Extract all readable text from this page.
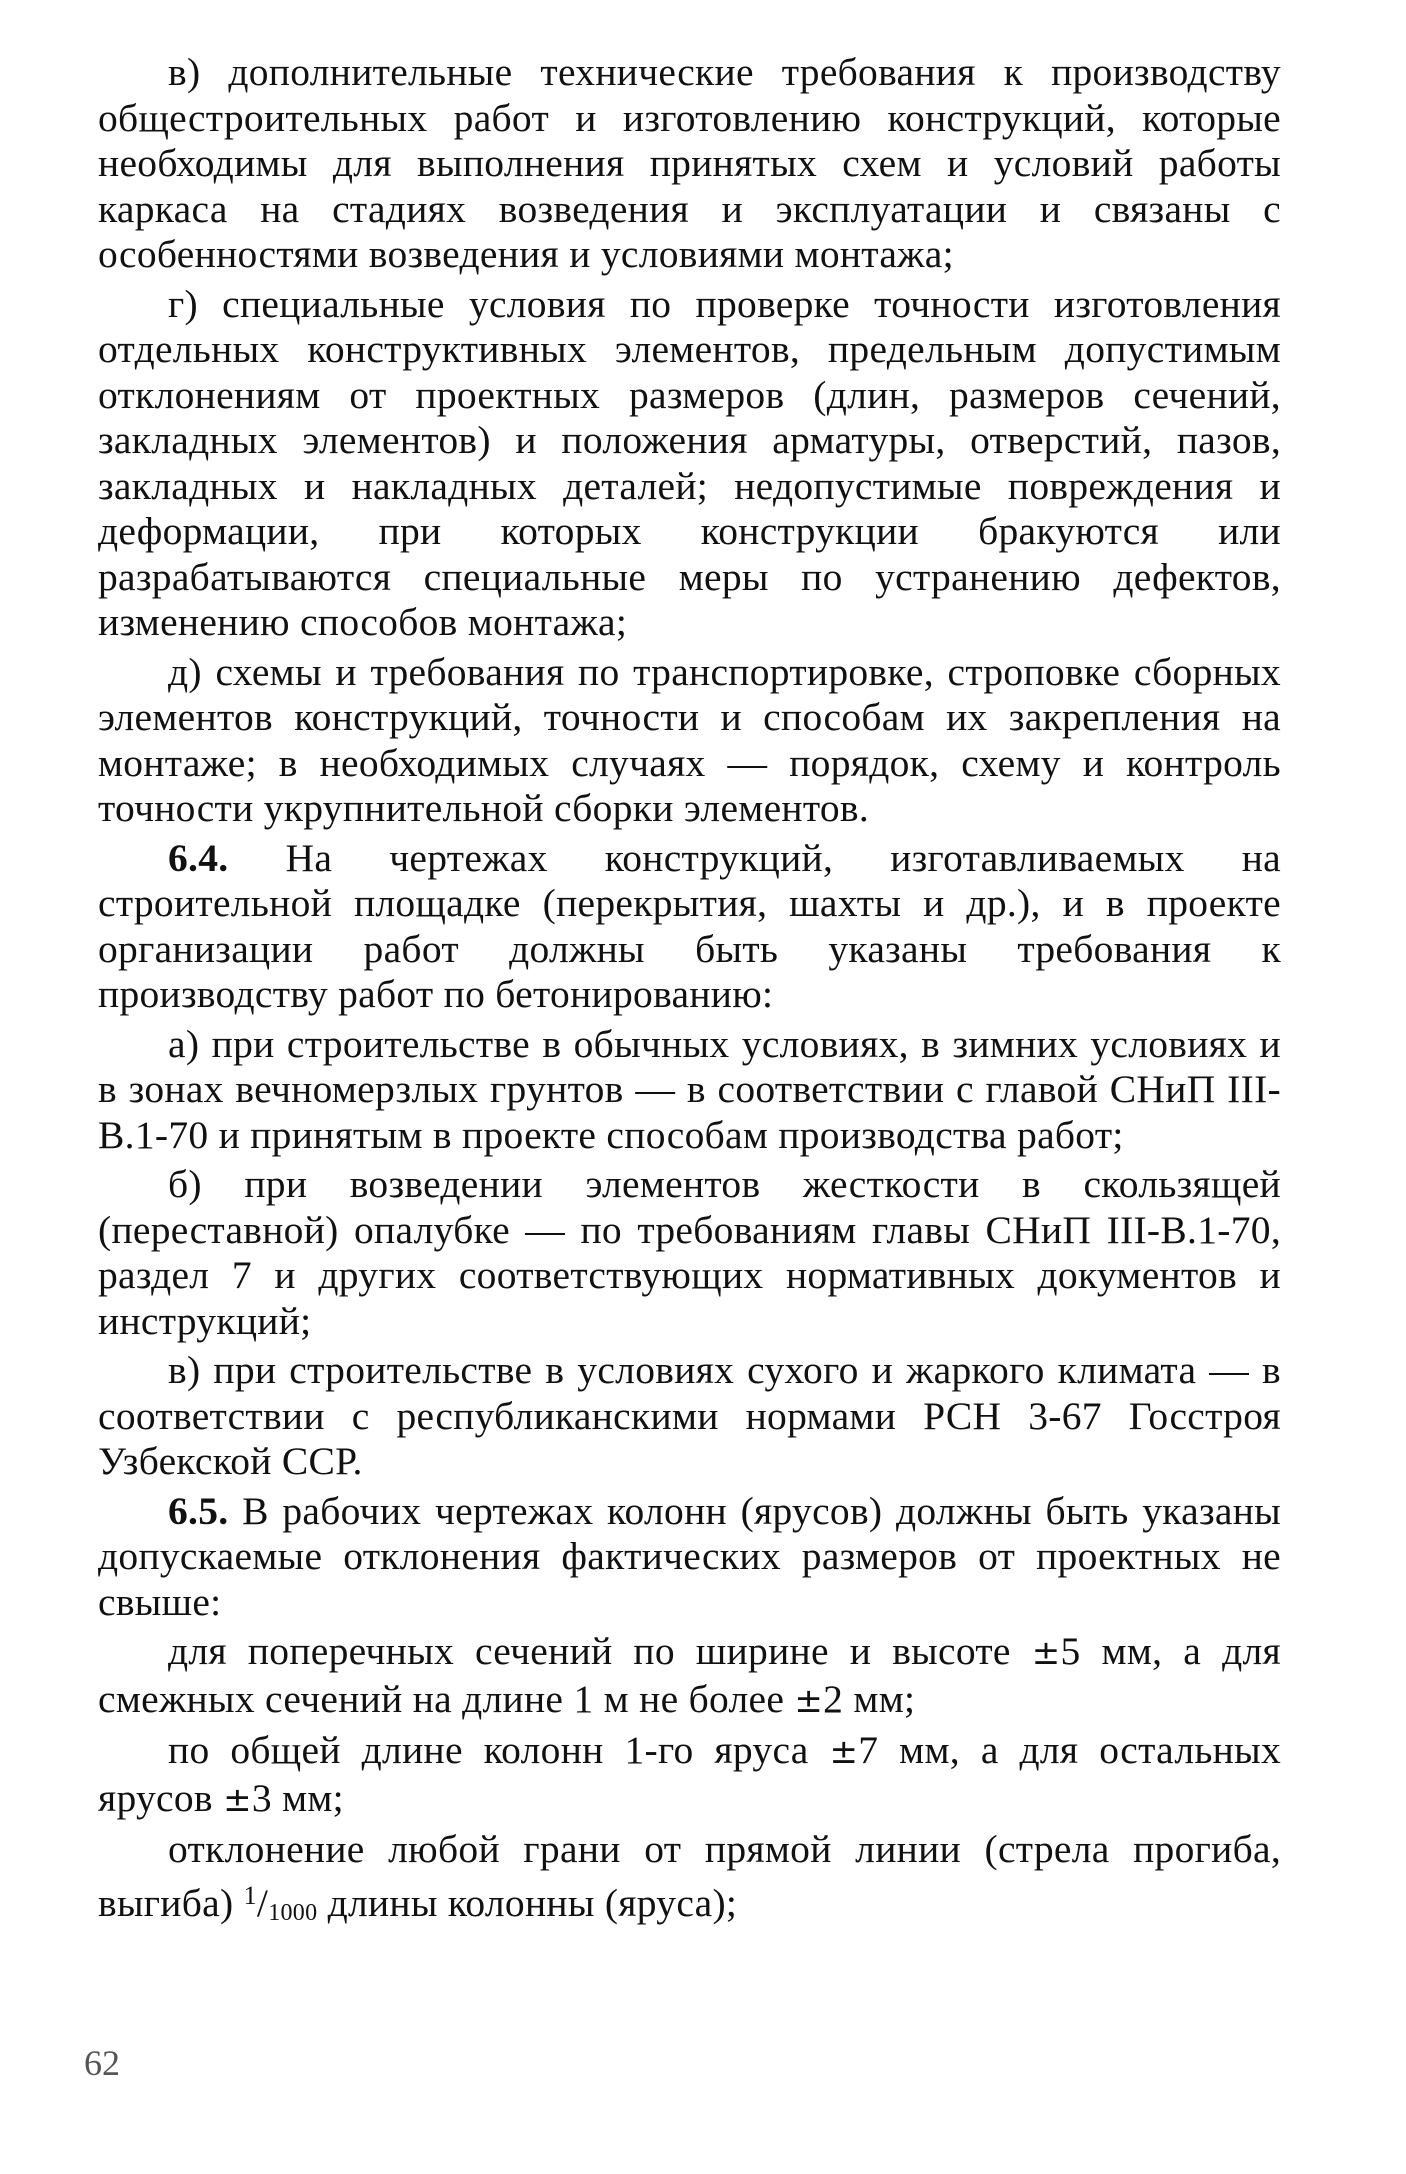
в) дополнительные технические требования к производству общестроительных работ и изготовлению конструкций, которые необходимы для выполнения принятых схем и условий работы каркаса на стадиях возведения и эксплуатации и связаны с особенностями возведения и условиями монтажа;

г) специальные условия по проверке точности изготовления отдельных конструктивных элементов, предельным допустимым отклонениям от проектных размеров (длин, размеров сечений, закладных элементов) и положения арматуры, отверстий, пазов, закладных и накладных деталей; недопустимые повреждения и деформации, при которых конструкции бракуются или разрабатываются специальные меры по устранению дефектов, изменению способов монтажа;

д) схемы и требования по транспортировке, строповке сборных элементов конструкций, точности и способам их закрепления на монтаже; в необходимых случаях — порядок, схему и контроль точности укрупнительной сборки элементов.

6.4. На чертежах конструкций, изготавливаемых на строительной площадке (перекрытия, шахты и др.), и в проекте организации работ должны быть указаны требования к производству работ по бетонированию:

а) при строительстве в обычных условиях, в зимних условиях и в зонах вечномерзлых грунтов — в соответствии с главой СНиП III-В.1-70 и принятым в проекте способам производства работ;

б) при возведении элементов жесткости в скользящей (переставной) опалубке — по требованиям главы СНиП III-В.1-70, раздел 7 и других соответствующих нормативных документов и инструкций;

в) при строительстве в условиях сухого и жаркого климата — в соответствии с республиканскими нормами РСН 3-67 Госстроя Узбекской ССР.

6.5. В рабочих чертежах колонн (ярусов) должны быть указаны допускаемые отклонения фактических размеров от проектных не свыше:

для поперечных сечений по ширине и высоте ±5 мм, а для смежных сечений на длине 1 м не более ±2 мм;

по общей длине колонн 1-го яруса ±7 мм, а для остальных ярусов ±3 мм;

отклонение любой грани от прямой линии (стрела прогиба, выгиба) $^1/_{1000}$ длины колонны (яруса);

62
